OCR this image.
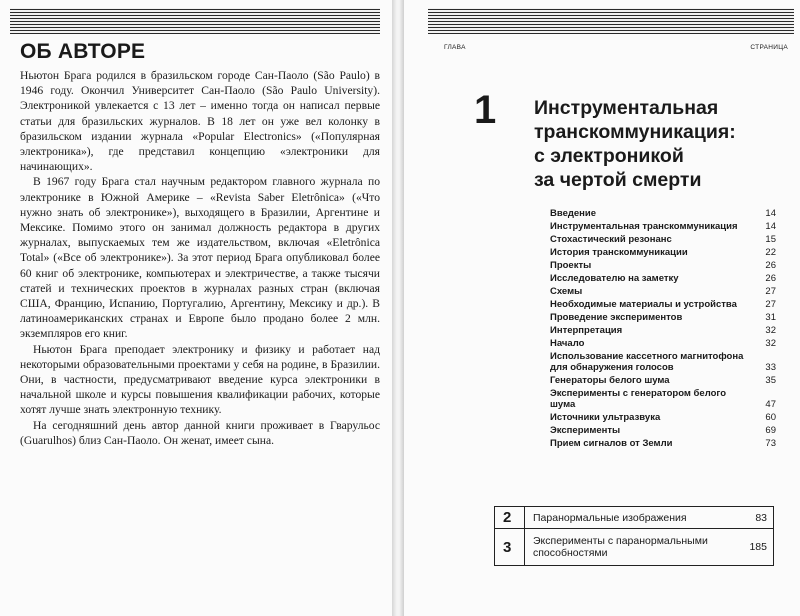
ОБ АВТОРЕ

Ньютон Брага родился в бразильском городе Сан-Паоло (São Paulo) в 1946 году. Окончил Университет Сан-Паоло (São Paulo University). Электроникой увлекается с 13 лет – именно тогда он написал первые статьи для бразильских журналов. В 18 лет он уже вел колонку в бразильском издании журнала «Popular Electronics» («Популярная электроника»), где представил концепцию «электроники для начинающих».

В 1967 году Брага стал научным редактором главного журнала по электронике в Южной Америке – «Revista Saber Eletrônica» («Что нужно знать об электронике»), выходящего в Бразилии, Аргентине и Мексике. Помимо этого он занимал должность редактора в других журналах, выпускаемых тем же издательством, включая «Eletrônica Total» («Все об электронике»). За этот период Брага опубликовал более 60 книг об электронике, компьютерах и электричестве, а также тысячи статей и технических проектов в журналах разных стран (включая США, Францию, Испанию, Португалию, Аргентину, Мексику и др.). В латиноамериканских странах и Европе было продано более 2 млн. экземпляров его книг.

Ньютон Брага преподает электронику и физику и работает над некоторыми образовательными проектами у себя на родине, в Бразилии. Они, в частности, предусматривают введение курса электроники в начальной школе и курсы повышения квалификации рабочих, которые хотят лучше знать электронную технику.

На сегодняшний день автор данной книги проживает в Гварульос (Guarulhos) близ Сан-Паоло. Он женат, имеет сына.

ГЛАВА	СТРАНИЦА
1 Инструментальная
транскоммуникация:
с электроникой
за чертой смерти
Введение	14
Инструментальная транскоммуникация	14
Стохастический резонанс	15
История транскоммуникации	22
Проекты	26
Исследователю на заметку	26
Схемы	27
Необходимые материалы и устройства	27
Проведение экспериментов	31
Интерпретация	32
Начало	32
Использование кассетного магнитофона для обнаружения голосов	33
Генераторы белого шума	35
Эксперименты с генератором белого шума	47
Источники ультразвука	60
Эксперименты	69
Прием сигналов от Земли	73
2	Паранормальные изображения	83
3	Эксперименты с паранормальными способностями	185
